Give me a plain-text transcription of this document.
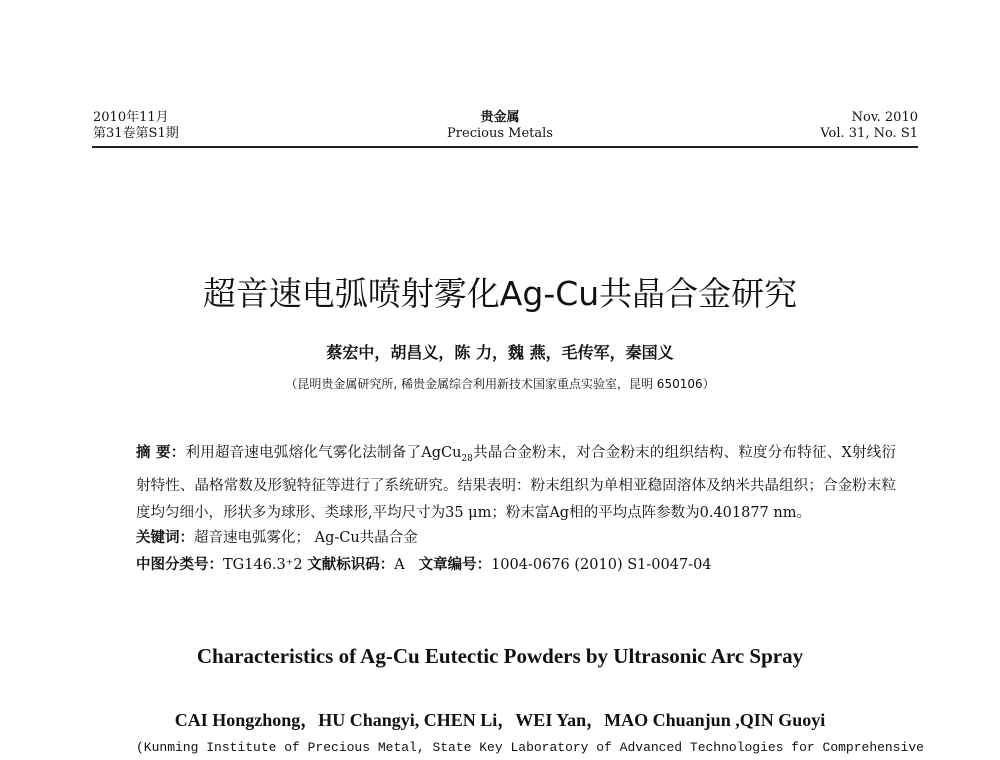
2010年11月
第31卷第S1期
贵金属
Precious Metals
Nov. 2010
Vol. 31, No. S1
超音速电弧喷射雾化Ag-Cu共晶合金研究
蔡宏中，胡昌义，陈 力，魏 燕，毛传军，秦国义
（昆明贵金属研究所, 稀贵金属综合利用新技术国家重点实验室，昆明 650106）
摘 要：利用超音速电弧熔化气雾化法制备了AgCu$_{28}$共晶合金粉末，对合金粉末的组织结构、粒度分布特征、X射线衍射特性、晶格常数及形貌特征等进行了系统研究。结果表明：粉末组织为单相亚稳固溶体及纳米共晶组织；合金粉末粒度均匀细小，形状多为球形、类球形,平均尺寸为35 μm；粉末富Ag相的平均点阵参数为0.401877 nm。
关键词：超音速电弧雾化； Ag-Cu共晶合金
中图分类号：TG146.3⁺2 文献标识码：A 文章编号：1004-0676 (2010) S1-0047-04
Characteristics of Ag-Cu Eutectic Powders by Ultrasonic Arc Spray
CAI Hongzhong，HU Changyi, CHEN Li，WEI Yan，MAO Chuanjun ,QIN Guoyi
(Kunming Institute of Precious Metal, State Key Laboratory of Advanced Technologies for Comprehensive
